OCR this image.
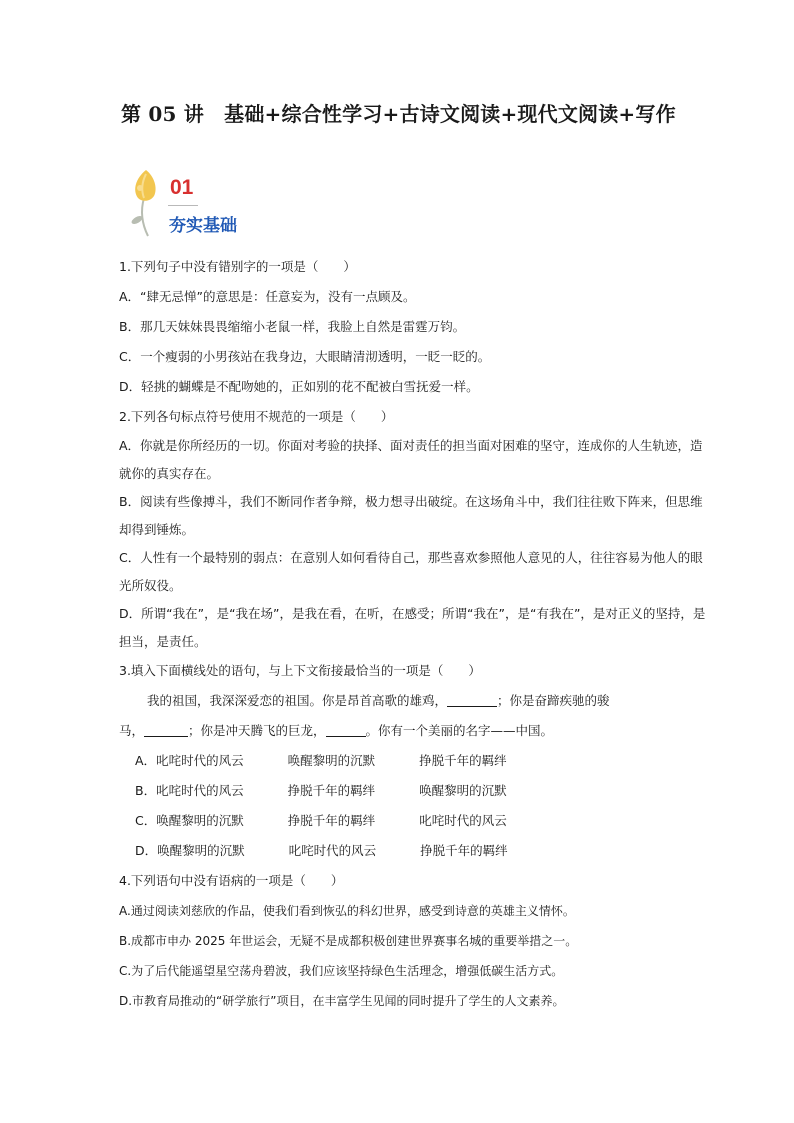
第 05 讲　基础+综合性学习+古诗文阅读+现代文阅读+写作
01
夯实基础
1.下列句子中没有错别字的一项是（　　）
A．“肆无忌惮”的意思是：任意妄为，没有一点顾及。
B．那几天妹妹畏畏缩缩小老鼠一样，我脸上自然是雷霆万钧。
C．一个瘦弱的小男孩站在我身边，大眼睛清沏透明，一眨一眨的。
D．轻挑的蝴蝶是不配吻她的，正如别的花不配被白雪抚爱一样。
2.下列各句标点符号使用不规范的一项是（　　）
A．你就是你所经历的一切。你面对考验的抉择、面对责任的担当面对困难的坚守，连成你的人生轨迹，造就你的真实存在。
B．阅读有些像搏斗，我们不断同作者争辩，极力想寻出破绽。在这场角斗中，我们往往败下阵来，但思维却得到锤炼。
C．人性有一个最特别的弱点：在意别人如何看待自己，那些喜欢参照他人意见的人，往往容易为他人的眼光所奴役。
D．所谓“我在”，是“我在场”，是我在看，在听，在感受；所谓“我在”，是“有我在”，是对正义的坚持，是担当，是责任。
3.填入下面横线处的语句，与上下文衔接最恰当的一项是（　　）
我的祖国，我深深爱恋的祖国。你是昂首高歌的雄鸡，	；你是奋蹄疾驰的骏
马，	；你是冲天腾飞的巨龙，	。你有一个美丽的名字——中国。
A．叱咤时代的风云	唤醒黎明的沉默	挣脱千年的羁绊
B．叱咤时代的风云	挣脱千年的羁绊	唤醒黎明的沉默
C．唤醒黎明的沉默	挣脱千年的羁绊	叱咤时代的风云
D．唤醒黎明的沉默	叱咤时代的风云	挣脱千年的羁绊
4.下列语句中没有语病的一项是（　　）
A.通过阅读刘慈欣的作品，使我们看到恢弘的科幻世界，感受到诗意的英雄主义情怀。
B.成都市申办 2025 年世运会，无疑不是成都积极创建世界赛事名城的重要举措之一。
C.为了后代能遥望星空荡舟碧波，我们应该坚持绿色生活理念，增强低碳生活方式。
D.市教育局推动的“研学旅行”项目，在丰富学生见闻的同时提升了学生的人文素养。
